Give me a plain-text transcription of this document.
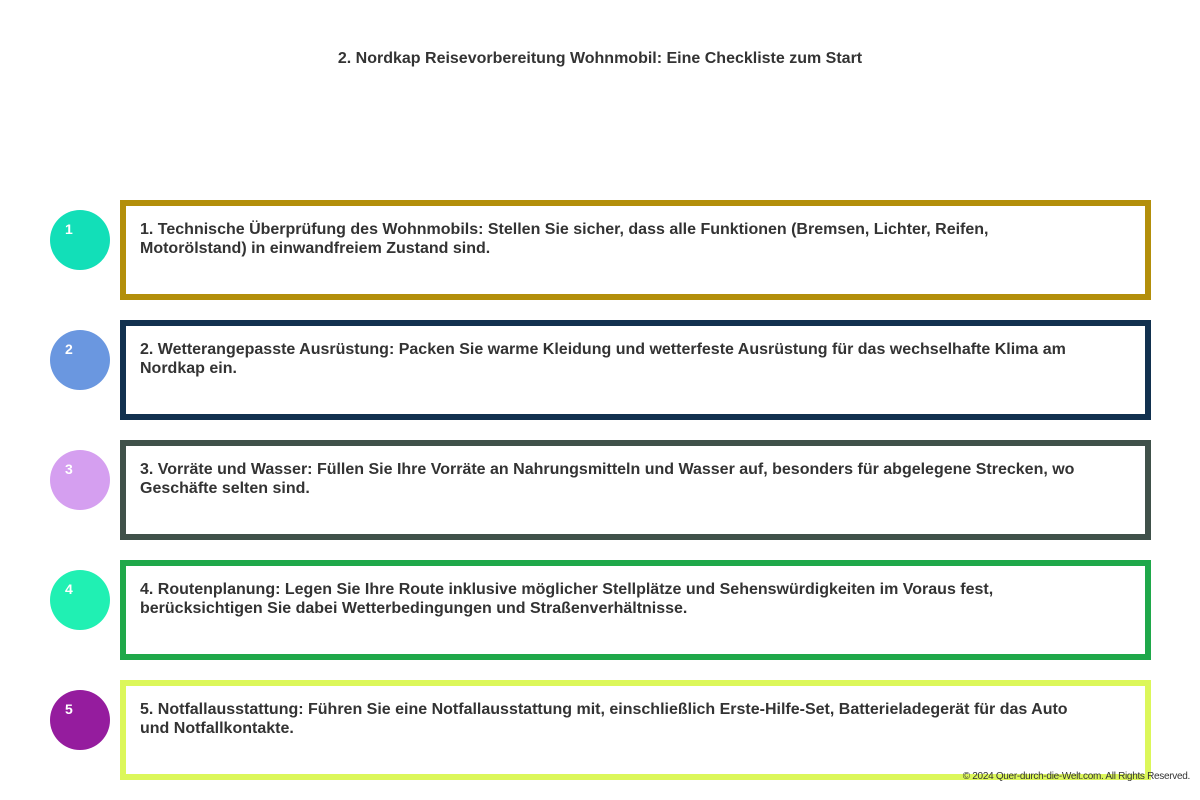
2. Nordkap Reisevorbereitung Wohnmobil: Eine Checkliste zum Start
1	1. Technische Überprüfung des Wohnmobils: Stellen Sie sicher, dass alle Funktionen (Bremsen, Lichter, Reifen, Motorölstand) in einwandfreiem Zustand sind.
2	2. Wetterangepasste Ausrüstung: Packen Sie warme Kleidung und wetterfeste Ausrüstung für das wechselhafte Klima am Nordkap ein.
3	3. Vorräte und Wasser: Füllen Sie Ihre Vorräte an Nahrungsmitteln und Wasser auf, besonders für abgelegene Strecken, wo Geschäfte selten sind.
4	4. Routenplanung: Legen Sie Ihre Route inklusive möglicher Stellplätze und Sehenswürdigkeiten im Voraus fest, berücksichtigen Sie dabei Wetterbedingungen und Straßenverhältnisse.
5	5. Notfallausstattung: Führen Sie eine Notfallausstattung mit, einschließlich Erste-Hilfe-Set, Batterieladegerät für das Auto und Notfallkontakte.
© 2024 Quer-durch-die-Welt.com. All Rights Reserved.
